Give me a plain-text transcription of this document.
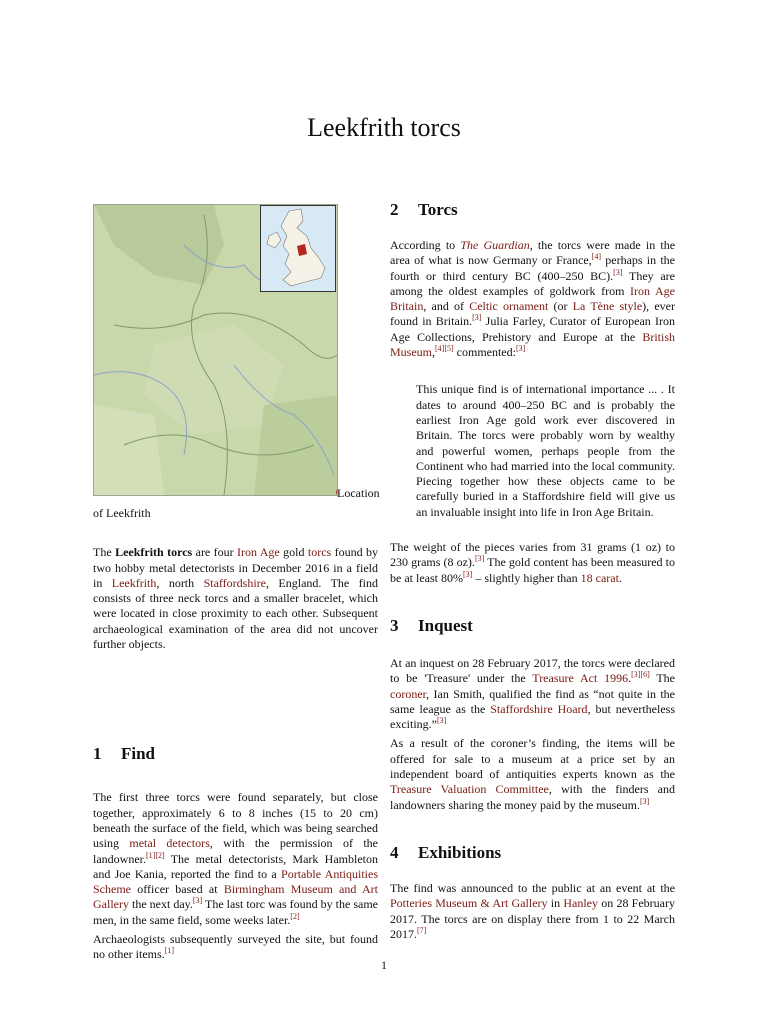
Leekfrith torcs
Location
of Leekfrith

The Leekfrith torcs are four Iron Age gold torcs found by two hobby metal detectorists in December 2016 in a field in Leekfrith, north Staffordshire, England. The find consists of three neck torcs and a smaller bracelet, which were located in close proximity to each other. Subsequent archaeological examination of the area did not uncover further objects.

1	Find

The first three torcs were found separately, but close together, approximately 6 to 8 inches (15 to 20 cm) beneath the surface of the field, which was being searched using metal detectors, with the permission of the landowner.[1][2] The metal detectorists, Mark Hambleton and Joe Kania, reported the find to a Portable Antiquities Scheme officer based at Birmingham Museum and Art Gallery the next day.[3] The last torc was found by the same men, in the same field, some weeks later.[2]

Archaeologists subsequently surveyed the site, but found no other items.[1]

2	Torcs

According to The Guardian, the torcs were made in the area of what is now Germany or France,[4] perhaps in the fourth or third century BC (400–250 BC).[3] They are among the oldest examples of goldwork from Iron Age Britain, and of Celtic ornament (or La Tène style), ever found in Britain.[3] Julia Farley, Curator of European Iron Age Collections, Prehistory and Europe at the British Museum,[4][5] commented:[3]

This unique find is of international importance ... . It dates to around 400–250 BC and is probably the earliest Iron Age gold work ever discovered in Britain. The torcs were probably worn by wealthy and powerful women, perhaps people from the Continent who had married into the local community. Piecing together how these objects came to be carefully buried in a Staffordshire field will give us an invaluable insight into life in Iron Age Britain.

The weight of the pieces varies from 31 grams (1 oz) to 230 grams (8 oz).[3] The gold content has been measured to be at least 80%[3] – slightly higher than 18 carat.

3	Inquest

At an inquest on 28 February 2017, the torcs were declared to be 'Treasure' under the Treasure Act 1996.[3][6] The coroner, Ian Smith, qualified the find as “not quite in the same league as the Staffordshire Hoard, but nevertheless exciting.”[3]

As a result of the coroner’s finding, the items will be offered for sale to a museum at a price set by an independent board of antiquities experts known as the Treasure Valuation Committee, with the finders and landowners sharing the money paid by the museum.[3]

4	Exhibitions

The find was announced to the public at an event at the Potteries Museum & Art Gallery in Hanley on 28 February 2017. The torcs are on display there from 1 to 22 March 2017.[7]

1
